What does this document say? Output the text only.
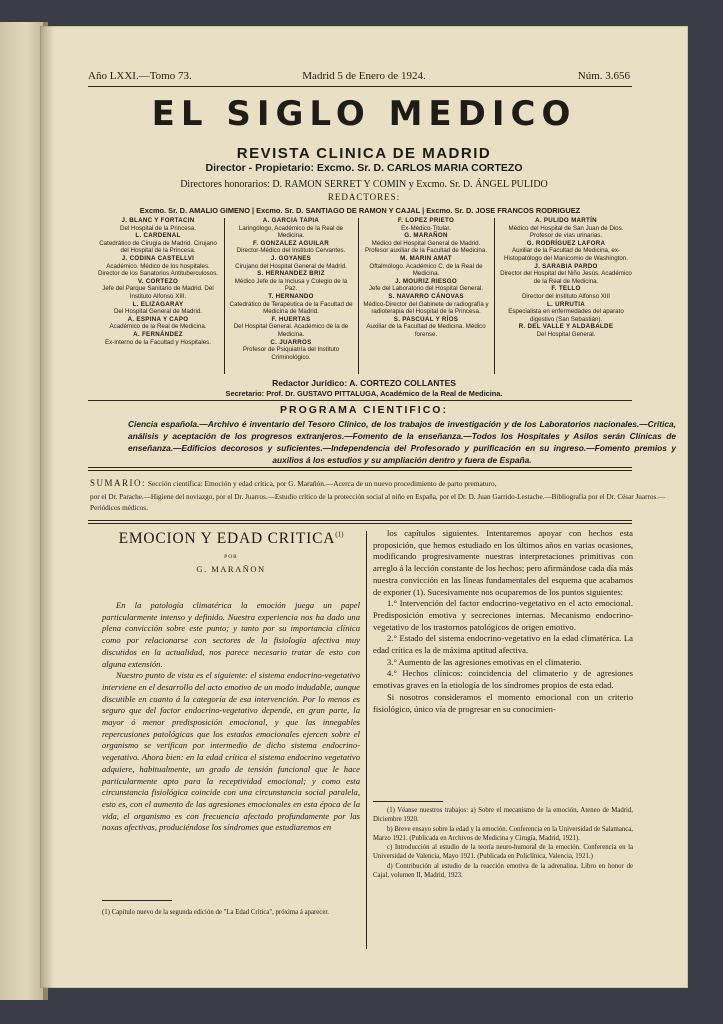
Año LXXI.—Tomo 73.	Madrid 5 de Enero de 1924.	Núm. 3.656
EL SIGLO MEDICO
REVISTA CLINICA DE MADRID
Director - Propietario: Excmo. Sr. D. CARLOS MARIA CORTEZO
Directores honorarios: D. RAMON SERRET Y COMIN y Excmo. Sr. D. ÁNGEL PULIDO
REDACTORES:
Excmo. Sr. D. AMALIO GIMENO | Excmo. Sr. D. SANTIAGO DE RAMON Y CAJAL | Excmo. Sr. D. JOSE FRANCOS RODRIGUEZ
J. BLANC Y FORTACIN
Del Hospital de la Princesa.
L. CARDENAL
Catedrático de Cirugía de Madrid. Cirujano del Hospital de la Princesa.
J. CODINA CASTELLVI
Académico. Médico de los hospitales. Director de los Sanatorios Antituberculosos.
V. CORTEZO
Jefe del Parque Sanitario de Madrid. Del Instituto Alfonso XIII.
L. ELIZAGARAY
Del Hospital General de Madrid.
A. ESPINA Y CAPO
Académico de la Real de Medicina.
A. FERNÁNDEZ
Ex-interno de la Facultad y Hospitales.
A. GARCIA TAPIA
Laringólogo, Académico de la Real de Medicina.
F. GONZALEZ AGUILAR
Director-Médico del Instituto Cervantes.
J. GOYANES
Cirujano del Hospital General de Madrid.
S. HERNANDEZ BRIZ
Médico Jefe de la Inclusa y Colegio de la Paz.
T. HERNANDO
Catedrático de Terapéutica de la Facultad de Medicina de Madrid.
F. HUERTAS
Del Hospital General. Académico de la de Medicina.
C. JUARROS
Profesor de Psiquiatría del Instituto Criminológico.
F. LOPEZ PRIETO
Ex-Médico-Titular.
G. MARAÑON
Médico del Hospital General de Madrid. Profesor auxiliar de la Facultad de Medicina.
M. MARIN AMAT
Oftalmólogo. Académico C. de la Real de Medicina.
J. MOURIZ RIESGO
Jefe del Laboratorio del Hospital General.
S. NAVARRO CÁNOVAS
Médico-Director del Gabinete de radiografía y radioterapia del Hospital de la Princesa.
S. PASCUAL Y RÍOS
Auxiliar de la Facultad de Medicina. Médico forense.
A. PULIDO MARTÍN
Médico del Hospital de San Juan de Dios. Profesor de vías urinarias.
G. RODRÍGUEZ LAFORA
Auxiliar de la Facultad de Medicina, ex-Histopatólogo del Manicomio de Washington.
J. SARABIA PARDO
Director del Hospital del Niño Jesús. Académico de la Real de Medicina.
F. TELLO
Director del Instituto Alfonso XIII
L. URRUTIA
Especialista en enfermedades del aparato digestivo (San Sebastián).
R. DEL VALLE Y ALDABALDE
Del Hospital General.
Redactor Jurídico: A. CORTEZO COLLANTES
Secretario: Prof. Dr. GUSTAVO PITTALUGA, Académico de la Real de Medicina.
PROGRAMA CIENTIFICO:
Ciencia española.—Archivo é inventario del Tesoro Clínico, de los trabajos de investigación y de los Laboratorios nacionales.—Crítica, análisis y aceptación de los progresos extranjeros.—Fomento de la enseñanza.—Todos los Hospitales y Asilos serán Clínicas de enseñanza.—Edificios decorosos y suficientes.—Independencia del Profesorado y purificación en su ingreso.—Fomento premios y auxilios á los estudios y su ampliación dentro y fuera de España.
SUMARIO: Sección científica: Emoción y edad crítica, por G. Marañón.—Acerca de un nuevo procedimiento de parto prematuro,
por el Dr. Parache.—Higiene del noviazgo, por el Dr. Juarros.—Estudio crítico de la protección social al niño en España, por el Dr. D. Juan Garrido-Lestache.—Bibliografía por el Dr. César Juarros.—Periódicos médicos.
EMOCION Y EDAD CRITICA$^{(1)}$
POR
G. MARAÑON

En la patología climatérica la emoción juega un papel particularmente intenso y definido. Nuestra experiencia nos ha dado una plena convicción sobre este punto; y tanto por su importancia clínica como por relacionarse con sectores de la fisiología afectiva muy discutidos en la actualidad, nos parece necesario tratar de esto con alguna extensión.

Nuestro punto de vista es el siguiente: el sistema endocrino-vegetativo interviene en el desarrollo del acto emotivo de un modo indudable, aunque discutible en cuanto á la categoría de esa intervención. Por lo menos es seguro que del factor endocrino-vegetativo depende, en gran parte, la mayor ó menor predisposición emocional, y que las innegables repercusiones patológicas que los estados emocionales ejercen sobre el organismo se verifican por intermedio de dicho sistema endocrino-vegetativo. Ahora bien: en la edad crítica el sistema endocrino vegetativo adquiere, habitualmente, un grado de tensión funcional que le hace particularmente apto para la receptividad emocional; y como esta circunstancia fisiológica coincide con una circunstancia social paralela, esto es, con el aumento de las agresiones emocionales en esta época de la vida, el organismo es con frecuencia afectado profundamente por las noxas afectivas, produciéndose los síndromes que estudiaremos en

(1) Capítulo nuevo de la segunda edición de "La Edad Crítica", próxima á aparecer.

los capítulos siguientes. Intentaremos apoyar con hechos esta proposición, que hemos estudiado en los últimos años en varias ocasiones, modificando progresivamente nuestras interpretaciones primitivas con arreglo á la lección constante de los hechos; pero afirmándose cada día más nuestra convicción en las líneas fundamentales del esquema que acabamos de exponer (1). Sucesivamente nos ocuparemos de los puntos siguientes:

1.° Intervención del factor endocrino-vegetativo en el acto emocional. Predisposición emotiva y secreciones internas. Mecanismo endocrino-vegetativo de los trastornos patológicos de origen emotivo.

2.° Estado del sistema endocrino-vegetativo en la edad climatérica. La edad crítica es la de máxima aptitud afectiva.

3.° Aumento de las agresiones emotivas en el climaterio.

4.° Hechos clínicos: coincidencia del climaterio y de agresiones emotivas graves en la etiología de los síndromes propios de esta edad.

Si nosotros consideramos el momento emocional con un criterio fisiológico, único vía de progresar en su conocimien-

(1) Véanse nuestros trabajos: a) Sobre el mecanismo de la emoción, Ateneo de Madrid, Diciembre 1920.

b) Breve ensayo sobre la edad y la emoción. Conferencia en la Universidad de Salamanca, Marzo 1921. (Publicada en Archivos de Medicina y Cirugía, Madrid, 1921).

c) Introducción al estudio de la teoría neuro-humoral de la emoción. Conferencia en la Universidad de Valencia, Mayo 1921. (Publicada en Policlínica, Valencia, 1921.)

d) Contribución al estudio de la reacción emotiva de la adrenalina. Libro en honor de Cajal, volumen II, Madrid, 1923.
